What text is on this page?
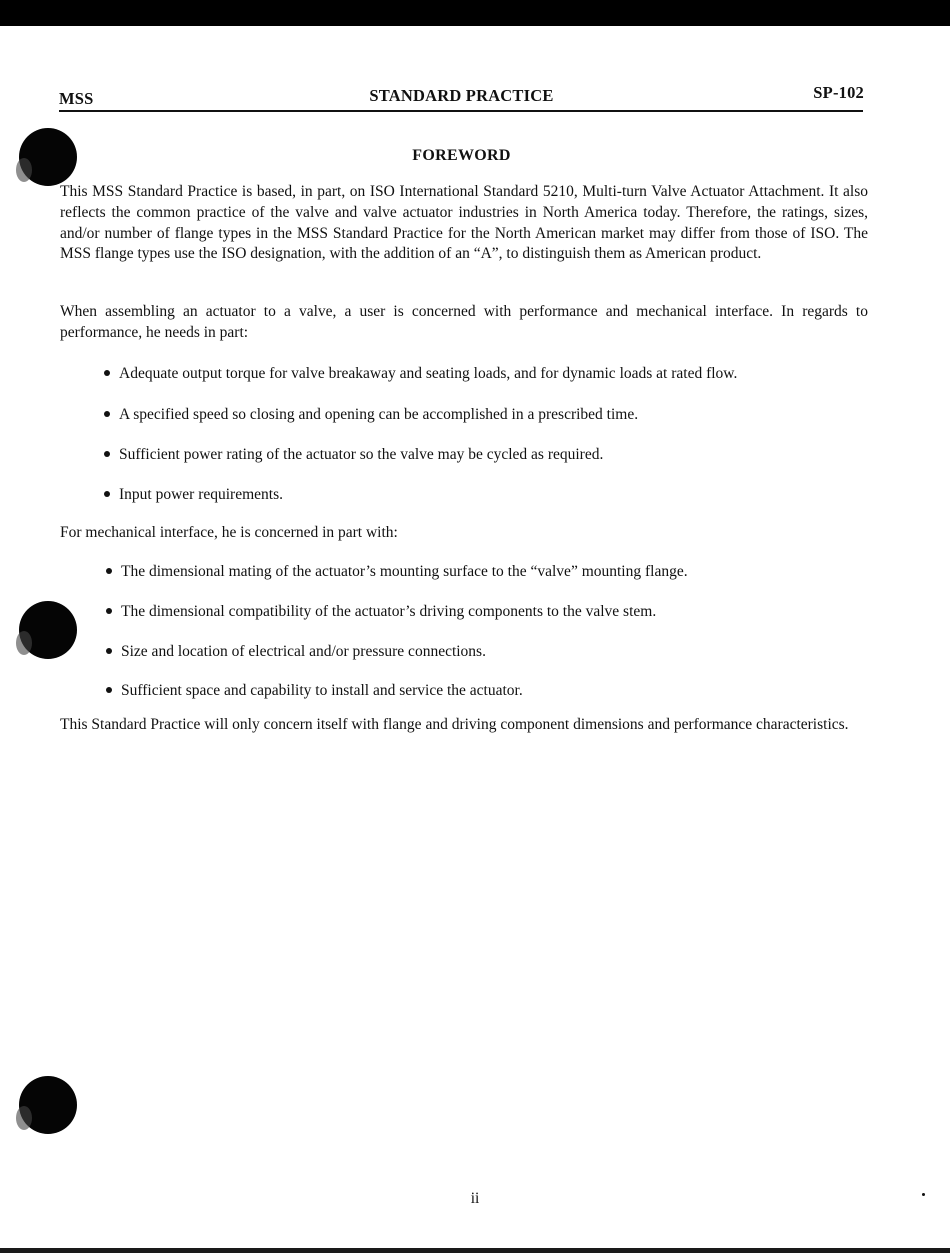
MSS	STANDARD PRACTICE	SP-102
FOREWORD
This MSS Standard Practice is based, in part, on ISO International Standard 5210, Multi-turn Valve Actuator Attachment. It also reflects the common practice of the valve and valve actuator industries in North America today. Therefore, the ratings, sizes, and/or number of flange types in the MSS Standard Practice for the North American market may differ from those of ISO. The MSS flange types use the ISO designation, with the addition of an “A”, to distinguish them as American product.
When assembling an actuator to a valve, a user is concerned with performance and mechanical interface. In regards to performance, he needs in part:
Adequate output torque for valve breakaway and seating loads, and for dynamic loads at rated flow.
A specified speed so closing and opening can be accomplished in a prescribed time.
Sufficient power rating of the actuator so the valve may be cycled as required.
Input power requirements.
For mechanical interface, he is concerned in part with:
The dimensional mating of the actuator’s mounting surface to the “valve” mounting flange.
The dimensional compatibility of the actuator’s driving components to the valve stem.
Size and location of electrical and/or pressure connections.
Sufficient space and capability to install and service the actuator.
This Standard Practice will only concern itself with flange and driving component dimensions and performance characteristics.
ii
